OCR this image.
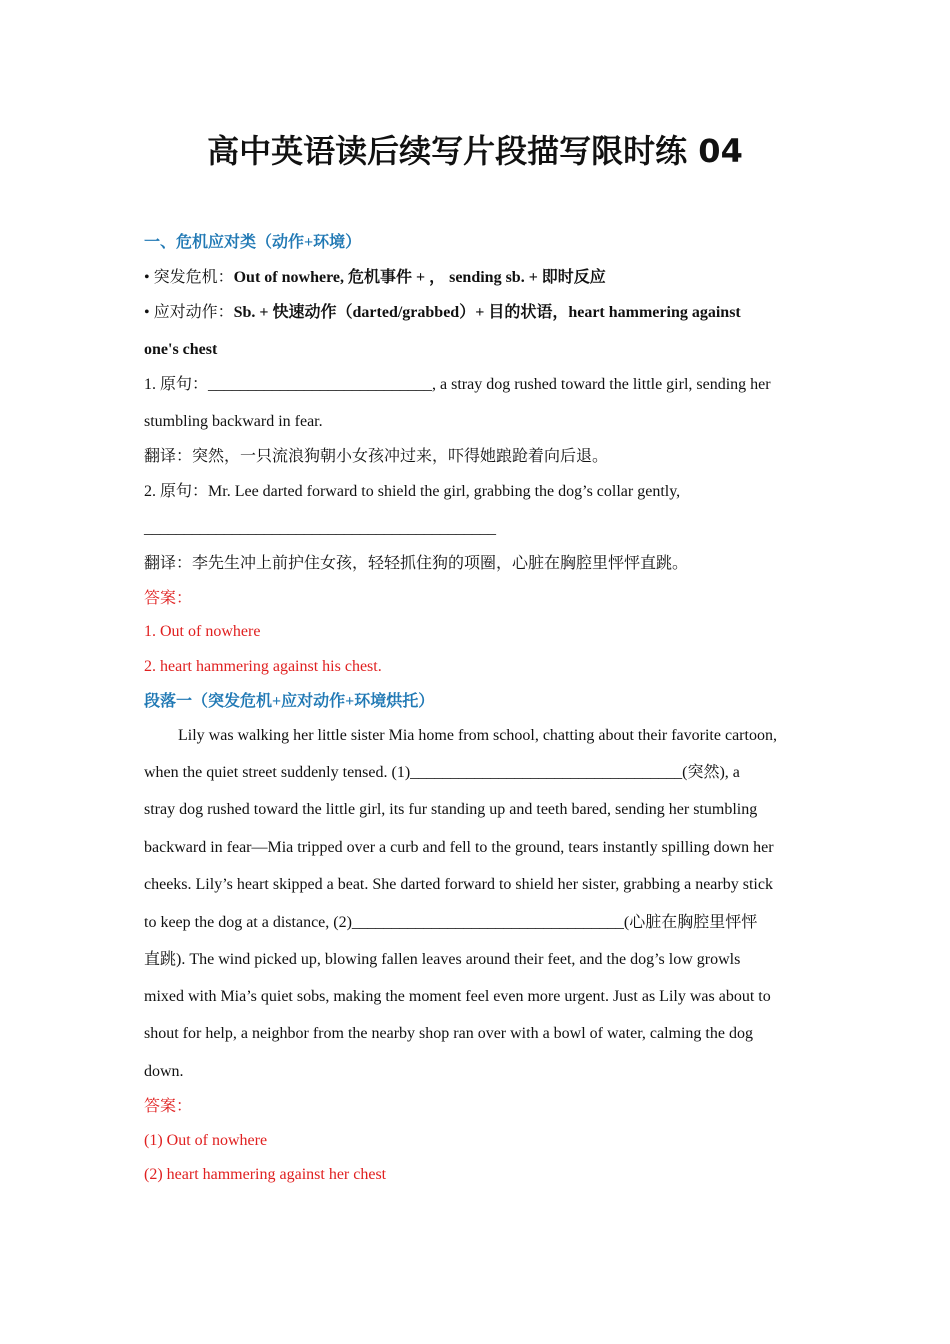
高中英语读后续写片段描写限时练 04
一、危机应对类（动作+环境）
• 突发危机：Out of nowhere, 危机事件 + ， sending sb. + 即时反应
• 应对动作：Sb. + 快速动作（darted/grabbed）+ 目的状语，heart hammering against
one's chest
1. 原句：____________________________, a stray dog rushed toward the little girl, sending her
stumbling backward in fear.
翻译：突然，一只流浪狗朝小女孩冲过来，吓得她踉跄着向后退。
2. 原句：Mr. Lee darted forward to shield the girl, grabbing the dog’s collar gently,
____________________________________________
翻译：李先生冲上前护住女孩，轻轻抓住狗的项圈，心脏在胸腔里怦怦直跳。
答案：
1. Out of nowhere
2. heart hammering against his chest.
段落一（突发危机+应对动作+环境烘托）
Lily was walking her little sister Mia home from school, chatting about their favorite cartoon,
when the quiet street suddenly tensed. (1)__________________________________(突然), a
stray dog rushed toward the little girl, its fur standing up and teeth bared, sending her stumbling
backward in fear—Mia tripped over a curb and fell to the ground, tears instantly spilling down her
cheeks. Lily’s heart skipped a beat. She darted forward to shield her sister, grabbing a nearby stick
to keep the dog at a distance, (2)__________________________________(心脏在胸腔里怦怦
直跳). The wind picked up, blowing fallen leaves around their feet, and the dog’s low growls
mixed with Mia’s quiet sobs, making the moment feel even more urgent. Just as Lily was about to
shout for help, a neighbor from the nearby shop ran over with a bowl of water, calming the dog
down.
答案：
(1) Out of nowhere
(2) heart hammering against her chest
